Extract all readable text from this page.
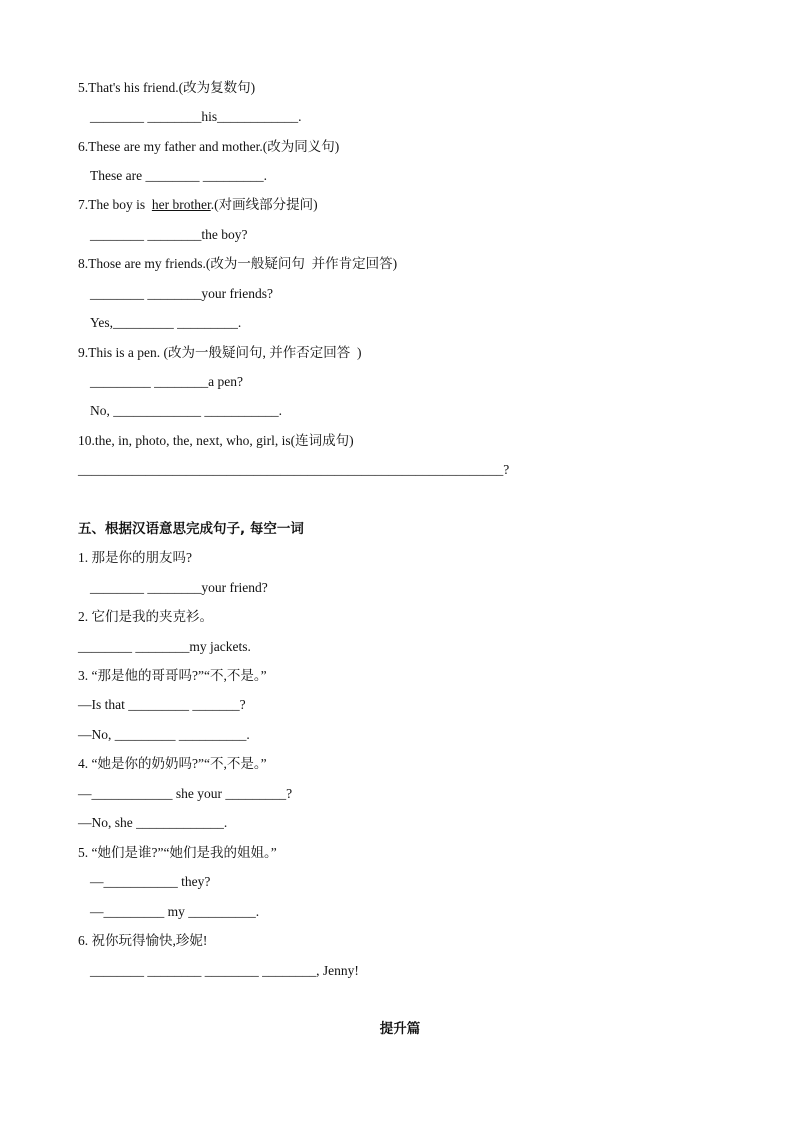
5.That's his friend.(改为复数句)
________ ________his____________.
6.These are my father and mother.(改为同义句)
These are ________ _________.
7.The boy is  her brother.(对画线部分提问)
________ ________the boy?
8.Those are my friends.(改为一般疑问句  并作肯定回答)
________ ________your friends?
Yes,_________ _________.
9.This is a pen. (改为一般疑问句, 并作否定回答  )
_________ ________a pen?
No, _____________ ___________.
10.the, in, photo, the, next, who, girl, is(连词成句)
_______________________________________________________________?
五、根据汉语意思完成句子, 每空一词
1. 那是你的朋友吗?
________ ________your friend?
2. 它们是我的夹克衫。
________ ________my jackets.
3. “那是他的哥哥吗?”“不,不是。”
—Is that _________ _______?
—No, _________ __________.
4. “她是你的奶奶吗?”“不,不是。”
—____________ she your _________?
—No, she _____________.
5. “她们是谁?”“她们是我的姐姐。”
—___________ they?
—_________ my __________.
6. 祝你玩得愉快,珍妮!
________ ________ ________ ________, Jenny!
提升篇
